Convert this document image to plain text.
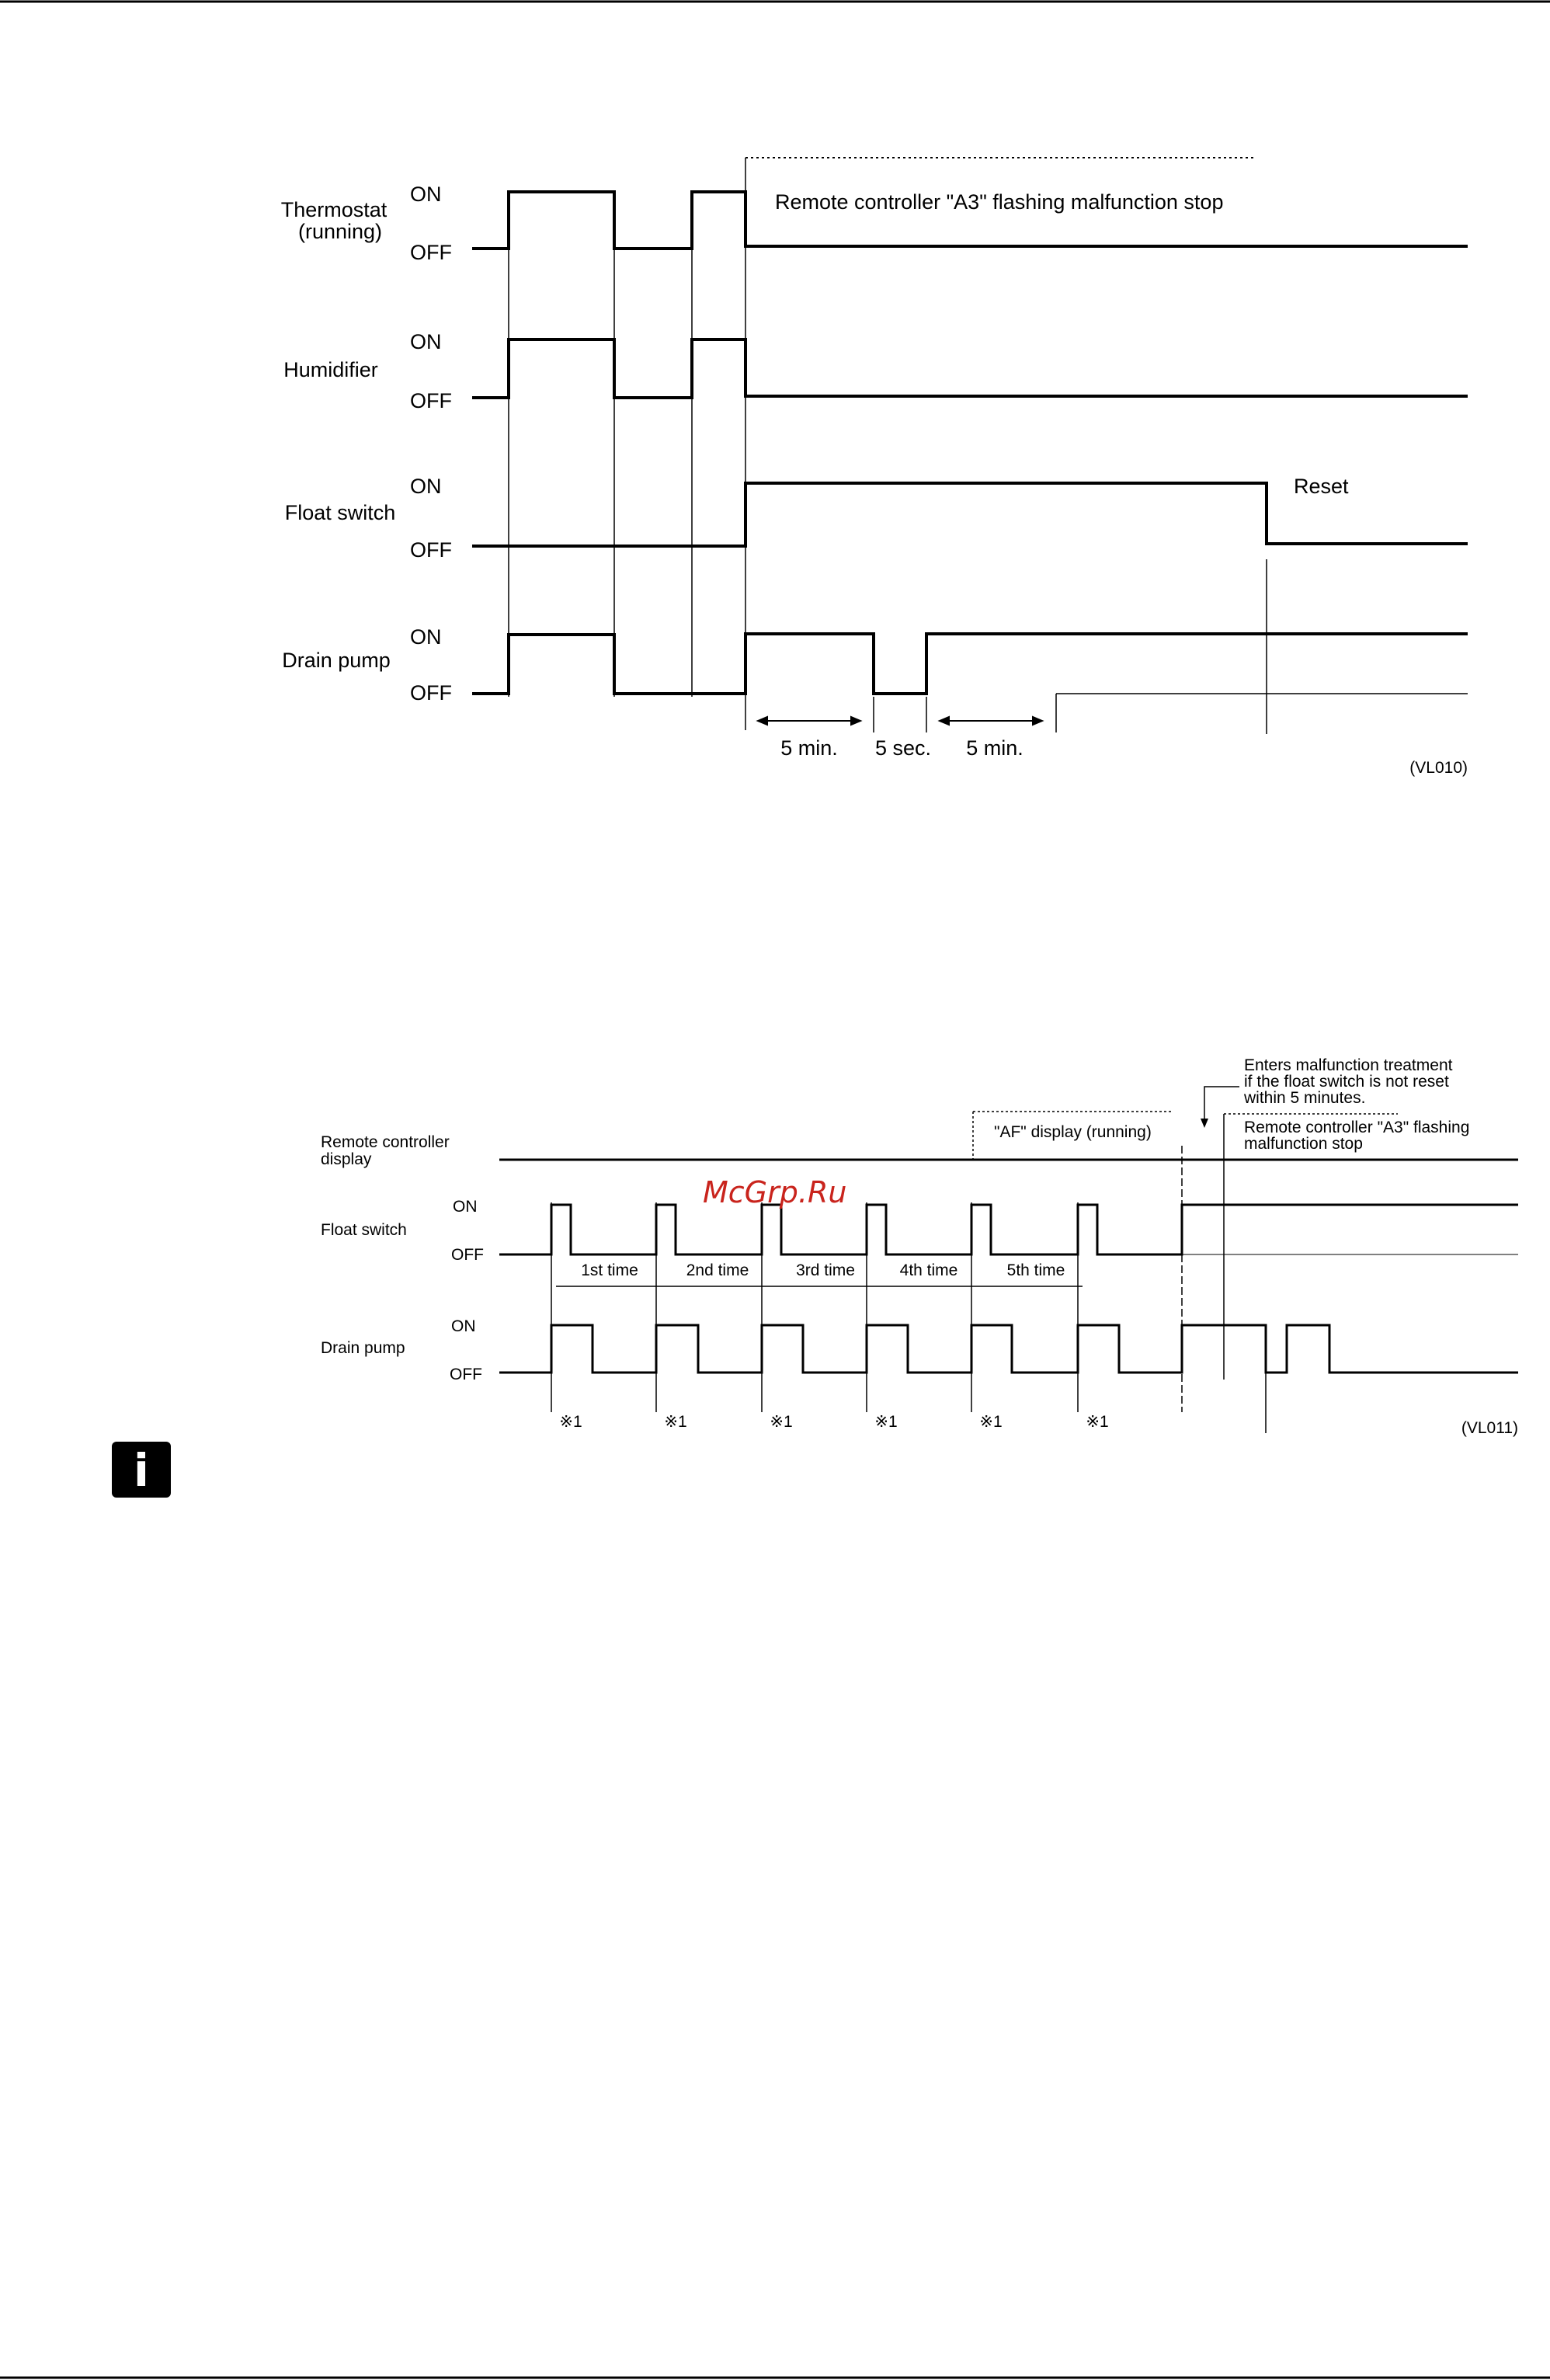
Thermostat
(running)
ON
OFF
Humidifier
ON
OFF
Float switch
ON
OFF
Drain pump
ON
OFF
Remote controller "A3" flashing malfunction stop
Reset
5 min. 5 sec. 5 min.
(VL010)
Remote controller
display
Float switch
Drain pump
ON
OFF
ON
OFF
"AF" display (running)
Enters malfunction treatment
if the float switch is not reset
within 5 minutes.
Remote controller "A3" flashing
malfunction stop
1st time	2nd time	3rd time	4th time	5th time
※1	※1	※1	※1	※1	※1	(VL011)
McGrp.Ru
i
